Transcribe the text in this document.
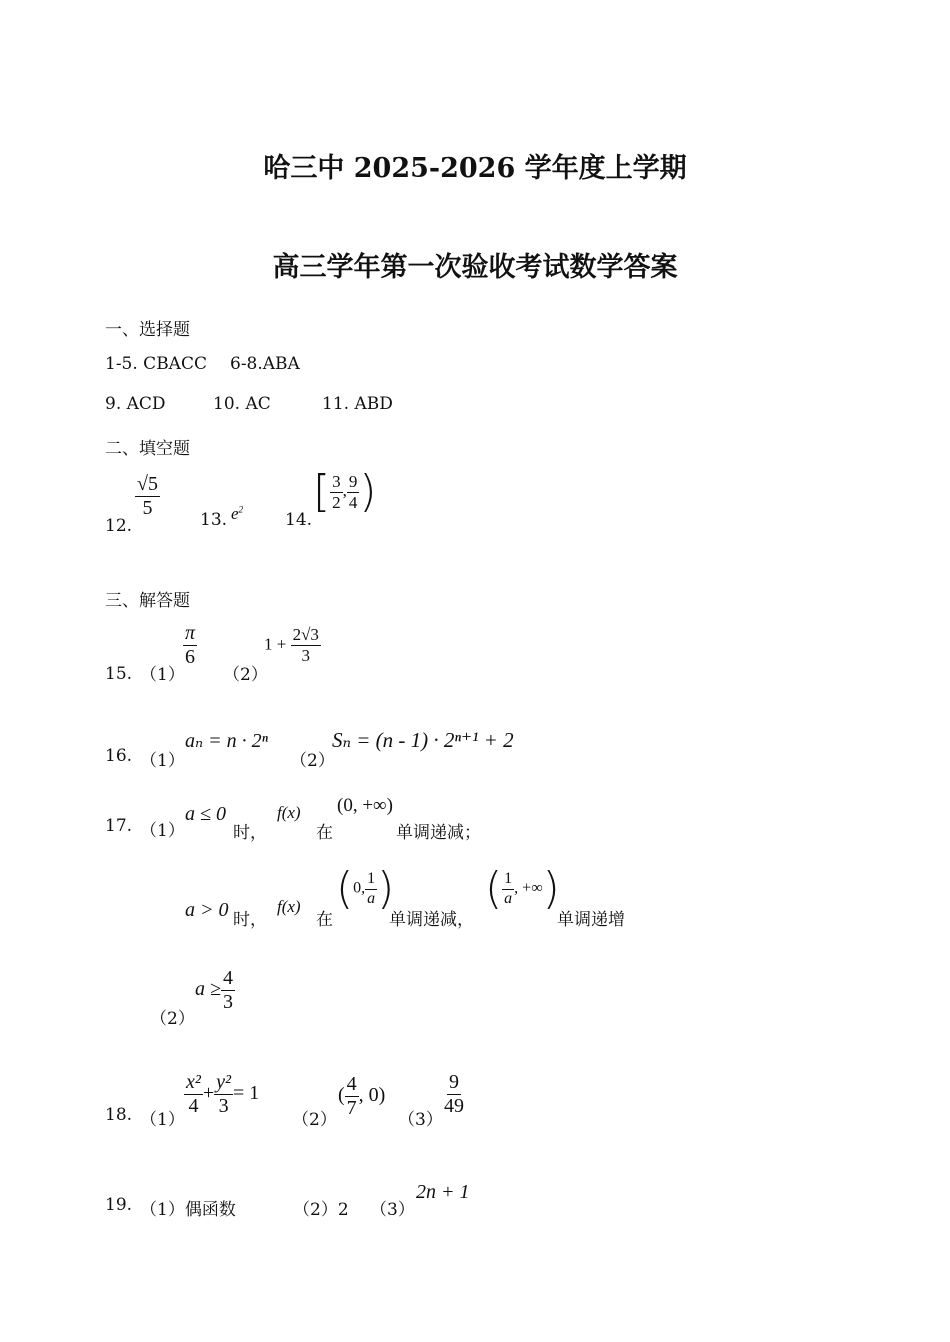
哈三中 2025-2026 学年度上学期
高三学年第一次验收考试数学答案
一、选择题
1-5. CBACC 6-8.ABA
9. ACD	10. AC	11. ABD
二、填空题
12.
$\frac{√5}{5}$
13. $e^2$ 14.
[ $\frac{3}{2}$ , $\frac{9}{4}$ )
三、解答题
15. （1）
$\frac{\pi}{6}$
（2）
$1 + \frac{2√3}{3}$
16. （1）
aₙ = n · 2ⁿ
（2）
Sₙ = (n - 1) · 2ⁿ⁺¹ + 2
17. （1）
a ≤ 0
时，
f(x)
在
(0, +∞)
单调递减；
a > 0 时，
f(x)
在
(0, $\frac{1}{a}$ )
单调递减，
( $\frac{1}{a}$ , +∞)
单调递增
（2）
$a \ge \frac{4}{3}$
18. （1）
$\frac{\text{x²}}{4} + \frac{\text{y²}}{3} = 1$
（2）
( $\frac{4}{7}$ , 0)
（3）
$\frac{9}{49}$
19. （1）偶函数	（2）2 （3）
2n + 1
